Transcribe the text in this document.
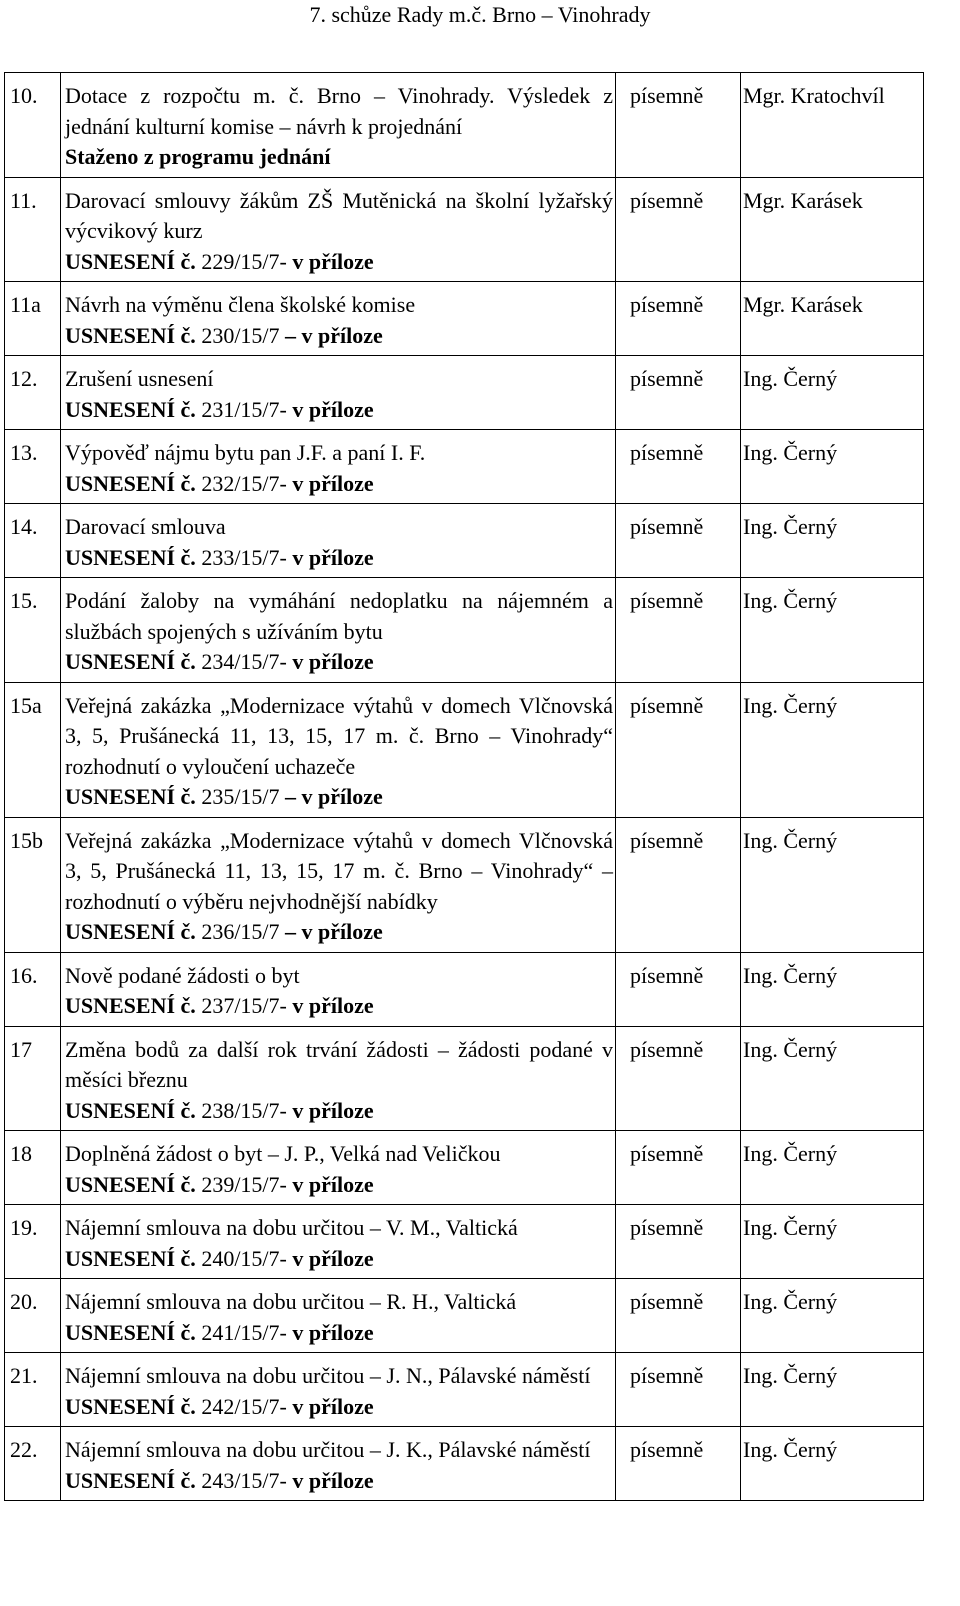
7. schůze Rady m.č. Brno – Vinohrady
10.	Dotace z rozpočtu m. č. Brno – Vinohrady. Výsledek z jednání kulturní komise – návrh k projednání
Staženo z programu jednání	písemně	Mgr. Kratochvíl
11.	Darovací smlouvy žákům ZŠ Mutěnická na školní lyžařský výcvikový kurz
USNESENÍ č. 229/15/7- v příloze	písemně	Mgr. Karásek
11a	Návrh na výměnu člena školské komise
USNESENÍ č. 230/15/7 – v příloze	písemně	Mgr. Karásek
12.	Zrušení usnesení
USNESENÍ č. 231/15/7- v příloze	písemně	Ing. Černý
13.	Výpověď nájmu bytu pan J.F. a paní I. F.
USNESENÍ č. 232/15/7- v příloze	písemně	Ing. Černý
14.	Darovací smlouva
USNESENÍ č. 233/15/7- v příloze	písemně	Ing. Černý
15.	Podání žaloby na vymáhání nedoplatku na nájemném a službách spojených s užíváním bytu
USNESENÍ č. 234/15/7- v příloze	písemně	Ing. Černý
15a	Veřejná zakázka „Modernizace výtahů v domech Vlčnovská 3, 5, Prušánecká 11, 13, 15, 17 m. č. Brno – Vinohrady“ rozhodnutí o vyloučení uchazeče
USNESENÍ č. 235/15/7 – v příloze	písemně	Ing. Černý
15b	Veřejná zakázka „Modernizace výtahů v domech Vlčnovská 3, 5, Prušánecká 11, 13, 15, 17 m. č. Brno – Vinohrady“ – rozhodnutí o výběru nejvhodnější nabídky
USNESENÍ č. 236/15/7 – v příloze	písemně	Ing. Černý
16.	Nově podané žádosti o byt
USNESENÍ č. 237/15/7- v příloze	písemně	Ing. Černý
17	Změna bodů za další rok trvání žádosti – žádosti podané v měsíci březnu
USNESENÍ č. 238/15/7- v příloze	písemně	Ing. Černý
18	Doplněná žádost o byt – J. P., Velká nad Veličkou
USNESENÍ č. 239/15/7- v příloze	písemně	Ing. Černý
19.	Nájemní smlouva na dobu určitou – V. M., Valtická
USNESENÍ č. 240/15/7- v příloze	písemně	Ing. Černý
20.	Nájemní smlouva na dobu určitou – R. H., Valtická
USNESENÍ č. 241/15/7- v příloze	písemně	Ing. Černý
21.	Nájemní smlouva na dobu určitou – J. N., Pálavské náměstí
USNESENÍ č. 242/15/7- v příloze	písemně	Ing. Černý
22.	Nájemní smlouva na dobu určitou – J. K., Pálavské náměstí
USNESENÍ č. 243/15/7- v příloze	písemně	Ing. Černý
